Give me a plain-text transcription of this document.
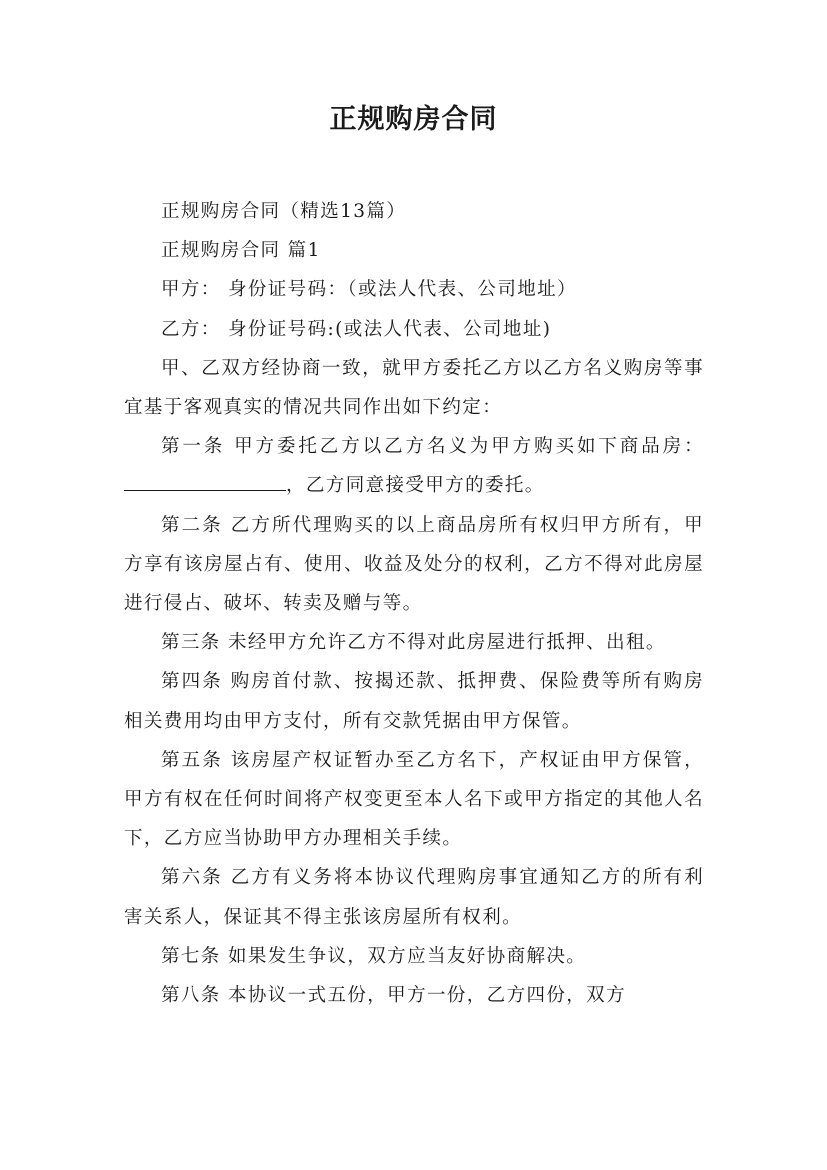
正规购房合同

正规购房合同（精选13篇）

正规购房合同 篇1

甲方： 身份证号码：（或法人代表、公司地址）

乙方： 身份证号码:(或法人代表、公司地址)

甲、乙双方经协商一致，就甲方委托乙方以乙方名义购房等事宜基于客观真实的情况共同作出如下约定：

第一条 甲方委托乙方以乙方名义为甲方购买如下商品房：，乙方同意接受甲方的委托。

第二条 乙方所代理购买的以上商品房所有权归甲方所有，甲方享有该房屋占有、使用、收益及处分的权利，乙方不得对此房屋进行侵占、破坏、转卖及赠与等。

第三条 未经甲方允许乙方不得对此房屋进行抵押、出租。

第四条 购房首付款、按揭还款、抵押费、保险费等所有购房相关费用均由甲方支付，所有交款凭据由甲方保管。

第五条 该房屋产权证暂办至乙方名下，产权证由甲方保管，甲方有权在任何时间将产权变更至本人名下或甲方指定的其他人名下，乙方应当协助甲方办理相关手续。

第六条 乙方有义务将本协议代理购房事宜通知乙方的所有利害关系人，保证其不得主张该房屋所有权利。

第七条 如果发生争议，双方应当友好协商解决。

第八条 本协议一式五份，甲方一份，乙方四份，双方
